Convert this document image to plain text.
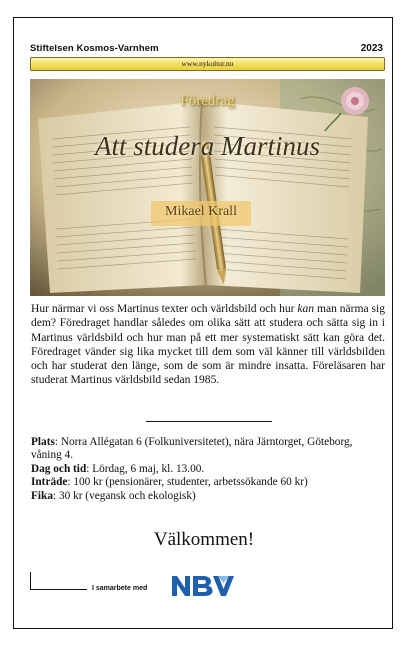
Stiftelsen Kosmos-Varnhem	2023
www.nykultur.nu
Föredrag
Att studera Martinus
Mikael Krall
Hur närmar vi oss Martinus texter och världsbild och hur kan man närma sig dem? Föredraget handlar således om olika sätt att studera och sätta sig in i Martinus världsbild och hur man på ett mer systematiskt sätt kan göra det. Föredraget vänder sig lika mycket till dem som väl känner till världsbilden och har studerat den länge, som de som är mindre insatta. Föreläsaren har studerat Martinus världsbild sedan 1985.

Plats: Norra Allégatan 6 (Folkuniversitetet), nära Järntorget, Göteborg, våning 4.

Dag och tid: Lördag, 6 maj, kl. 13.00.

Inträde: 100 kr (pensionärer, studenter, arbetssökande 60 kr)

Fika: 30 kr (vegansk och ekologisk)

Välkommen!
I samarbete med
